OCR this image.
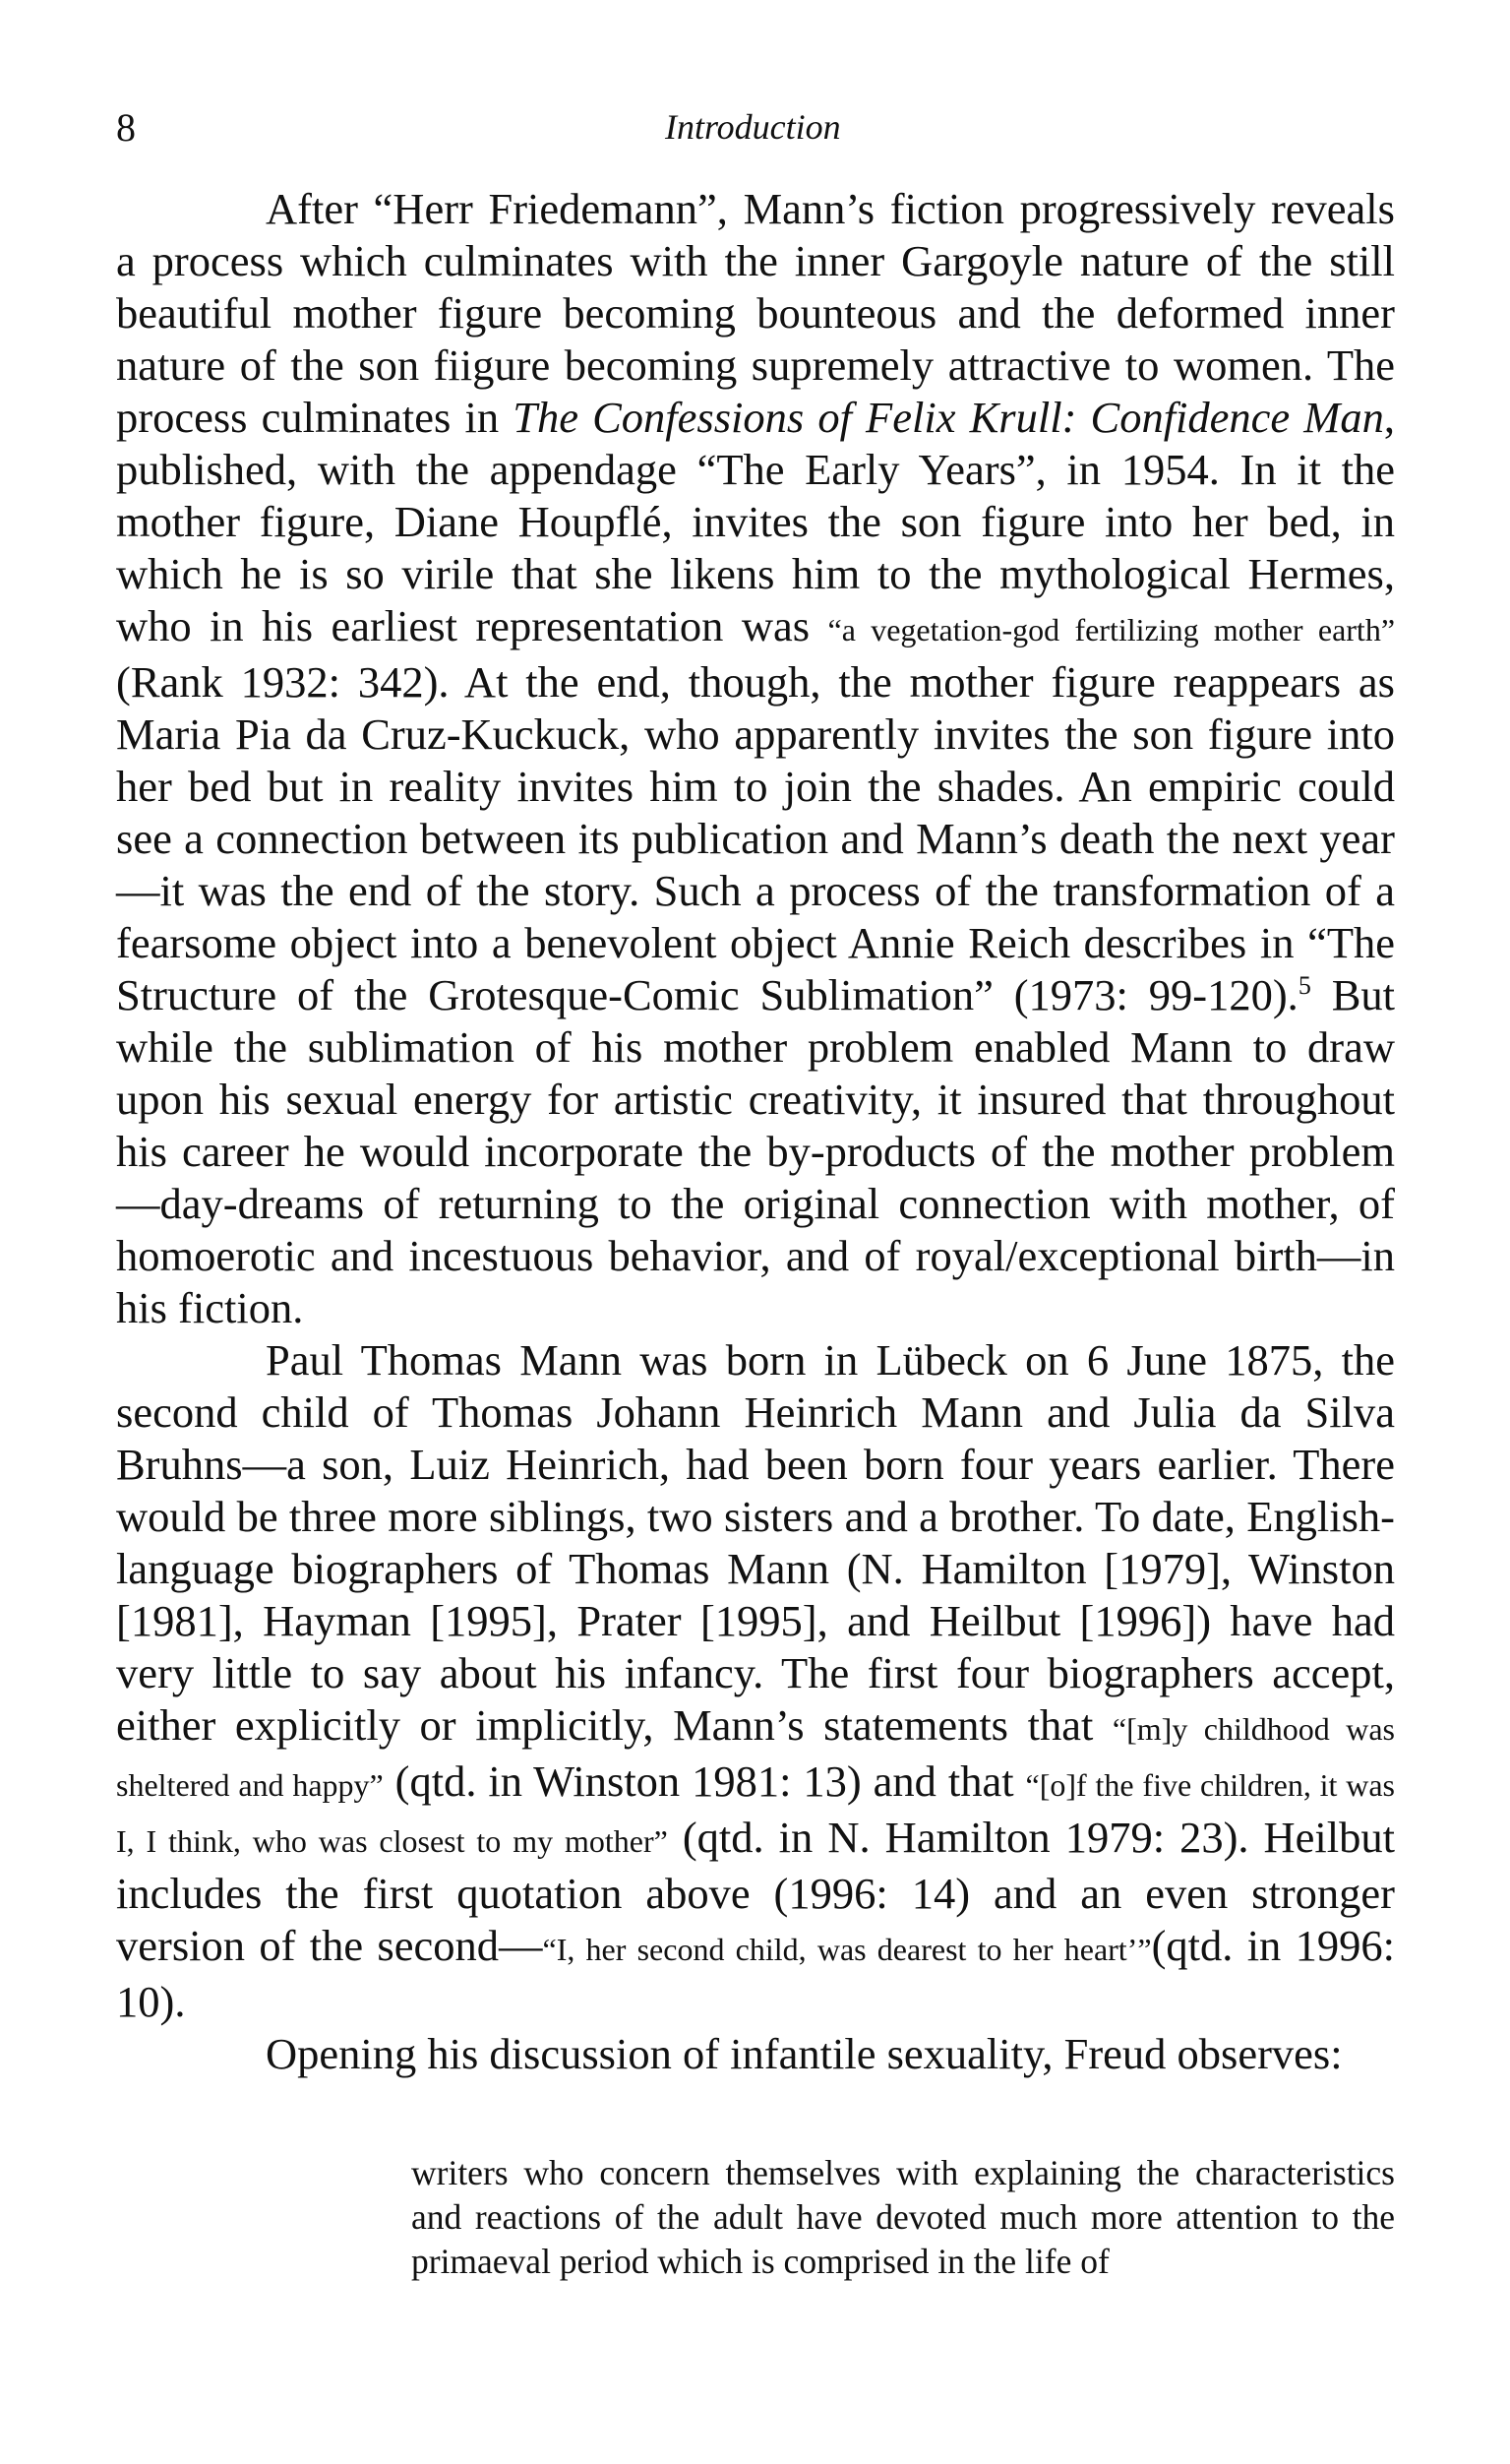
8	Introduction

After “Herr Friedemann”, Mann’s fiction progressively reveals a process which culminates with the inner Gargoyle nature of the still beautiful mother figure becoming bounteous and the deformed inner nature of the son fiigure becoming supremely attractive to women. The process culminates in The Confessions of Felix Krull: Confidence Man, published, with the appendage “The Early Years”, in 1954. In it the mother figure, Diane Houpflé, invites the son figure into her bed, in which he is so virile that she likens him to the mythological Hermes, who in his earliest representation was “a vegetation-god fertilizing mother earth” (Rank 1932: 342). At the end, though, the mother figure reappears as Maria Pia da Cruz-Kuckuck, who apparently invites the son figure into her bed but in reality invites him to join the shades. An empiric could see a connection between its publication and Mann’s death the next year—it was the end of the story. Such a process of the transformation of a fearsome object into a benevolent object Annie Reich describes in “The Structure of the Grotesque-Comic Sublimation” (1973: 99-120).$^5$ But while the sublimation of his mother problem enabled Mann to draw upon his sexual energy for artistic creativity, it insured that throughout his career he would incorporate the by-products of the mother problem—day-dreams of returning to the original connection with mother, of homoerotic and incestuous behavior, and of royal/exceptional birth—in his fiction.

Paul Thomas Mann was born in Lübeck on 6 June 1875, the second child of Thomas Johann Heinrich Mann and Julia da Silva Bruhns—a son, Luiz Heinrich, had been born four years earlier. There would be three more siblings, two sisters and a brother. To date, English-language biographers of Thomas Mann (N. Hamilton [1979], Winston [1981], Hayman [1995], Prater [1995], and Heilbut [1996]) have had very little to say about his infancy. The first four biographers accept, either explicitly or implicitly, Mann’s statements that “[m]y childhood was sheltered and happy” (qtd. in Winston 1981: 13) and that “[o]f the five children, it was I, I think, who was closest to my mother” (qtd. in N. Hamilton 1979: 23). Heilbut includes the first quotation above (1996: 14) and an even stronger version of the second—“I, her second child, was dearest to her heart’”(qtd. in 1996: 10).

Opening his discussion of infantile sexuality, Freud observes:

writers who concern themselves with explaining the characteristics and reactions of the adult have devoted much more attention to the primaeval period which is comprised in the life of
